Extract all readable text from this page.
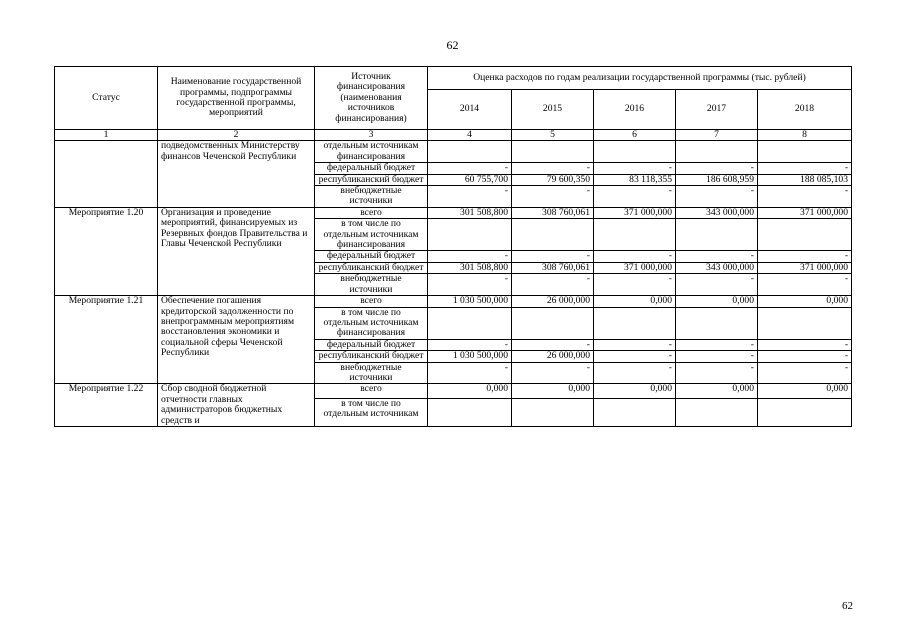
62
Статус	Наименование государственной программы, подпрограммы государственной программы, мероприятий	Источник финансирования (наименования источников финансирования)	Оценка расходов по годам реализации государственной программы (тыс. рублей)				
			2014	2015	2016	2017	2018
1	2	3	4	5	6	7	8
	подведомственных Министерству финансов Чеченской Республики	отдельным источникам финансирования					
		федеральный бюджет	-	-	-	-	-
		республиканский бюджет	60 755,700	79 600,350	83 118,355	186 608,959	188 085,103
		внебюджетные источники	-	-	-	-	-
Мероприятие 1.20	Организация и проведение мероприятий, финансируемых из Резервных фондов Правительства и Главы Чеченской Республики	всего	301 508,800	308 760,061	371 000,000	343 000,000	371 000,000
		в том числе по отдельным источникам финансирования					
		федеральный бюджет	-	-	-	-	-
		республиканский бюджет	301 508,800	308 760,061	371 000,000	343 000,000	371 000,000
		внебюджетные источники	-	-	-	-	-
Мероприятие 1.21	Обеспечение погашения кредиторской задолженности по внепрограммным мероприятиям восстановления экономики и социальной сферы Чеченской Республики	всего	1 030 500,000	26 000,000	0,000	0,000	0,000
		в том числе по отдельным источникам финансирования					
		федеральный бюджет	-	-	-	-	-
		республиканский бюджет	1 030 500,000	26 000,000	-	-	-
		внебюджетные источники	-	-	-	-	-
Мероприятие 1.22	Сбор сводной бюджетной отчетности главных администраторов бюджетных средств и	всего	0,000	0,000	0,000	0,000	0,000
		в том числе по отдельным источникам					
62
